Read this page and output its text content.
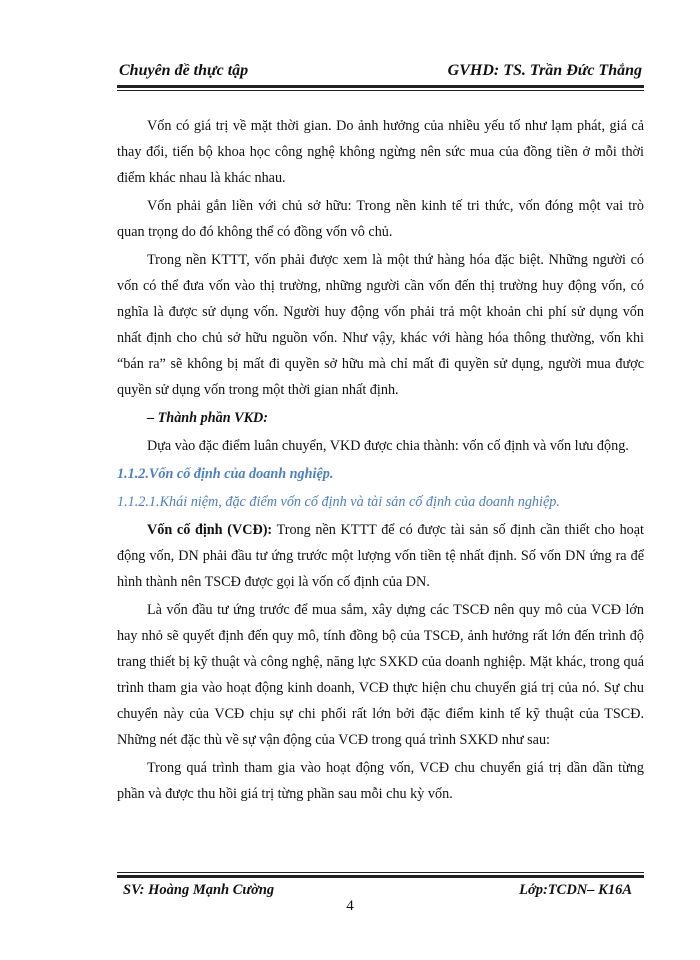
Chuyên đề thực tập	GVHD: TS. Trần Đức Thắng

Vốn có giá trị về mặt thời gian. Do ảnh hưởng của nhiều yếu tố như lạm phát, giá cả thay đổi, tiến bộ khoa học công nghệ không ngừng nên sức mua của đồng tiền ở mỗi thời điểm khác nhau là khác nhau.

Vốn phải gắn liền với chủ sở hữu: Trong nền kinh tế tri thức, vốn đóng một vai trò quan trọng do đó không thể có đồng vốn vô chủ.

Trong nền KTTT, vốn phải được xem là một thứ hàng hóa đặc biệt. Những người có vốn có thể đưa vốn vào thị trường, những người cần vốn đến thị trường huy động vốn, có nghĩa là được sử dụng vốn. Người huy động vốn phải trả một khoản chi phí sử dụng vốn nhất định cho chủ sở hữu nguồn vốn. Như vậy, khác với hàng hóa thông thường, vốn khi “bán ra” sẽ không bị mất đi quyền sở hữu mà chỉ mất đi quyền sử dụng, người mua được quyền sử dụng vốn trong một thời gian nhất định.

– Thành phần VKD:

Dựa vào đặc điểm luân chuyển, VKD được chia thành: vốn cố định và vốn lưu động.

1.1.2.Vốn cố định của doanh nghiệp.

1.1.2.1.Khái niệm, đặc điểm vốn cố định và tài sản cố định của doanh nghiệp.

Vốn cố định (VCĐ): Trong nền KTTT để có được tài sản số định cần thiết cho hoạt động vốn, DN phải đầu tư ứng trước một lượng vốn tiền tệ nhất định. Số vốn DN ứng ra để hình thành nên TSCĐ được gọi là vốn cố định của DN.

Là vốn đầu tư ứng trước để mua sắm, xây dựng các TSCĐ nên quy mô của VCĐ lớn hay nhỏ sẽ quyết định đến quy mô, tính đồng bộ của TSCĐ, ảnh hưởng rất lớn đến trình độ trang thiết bị kỹ thuật và công nghệ, năng lực SXKD của doanh nghiệp. Mặt khác, trong quá trình tham gia vào hoạt động kinh doanh, VCĐ thực hiện chu chuyển giá trị của nó. Sự chu chuyển này của VCĐ chịu sự chi phối rất lớn bởi đặc điểm kinh tế kỹ thuật của TSCĐ. Những nét đặc thù về sự vận động của VCĐ trong quá trình SXKD như sau:

Trong quá trình tham gia vào hoạt động vốn, VCĐ chu chuyển giá trị dần dần từng phần và được thu hồi giá trị từng phần sau mỗi chu kỳ vốn.

SV: Hoàng Mạnh Cường	Lớp:TCDN– K16A
4
